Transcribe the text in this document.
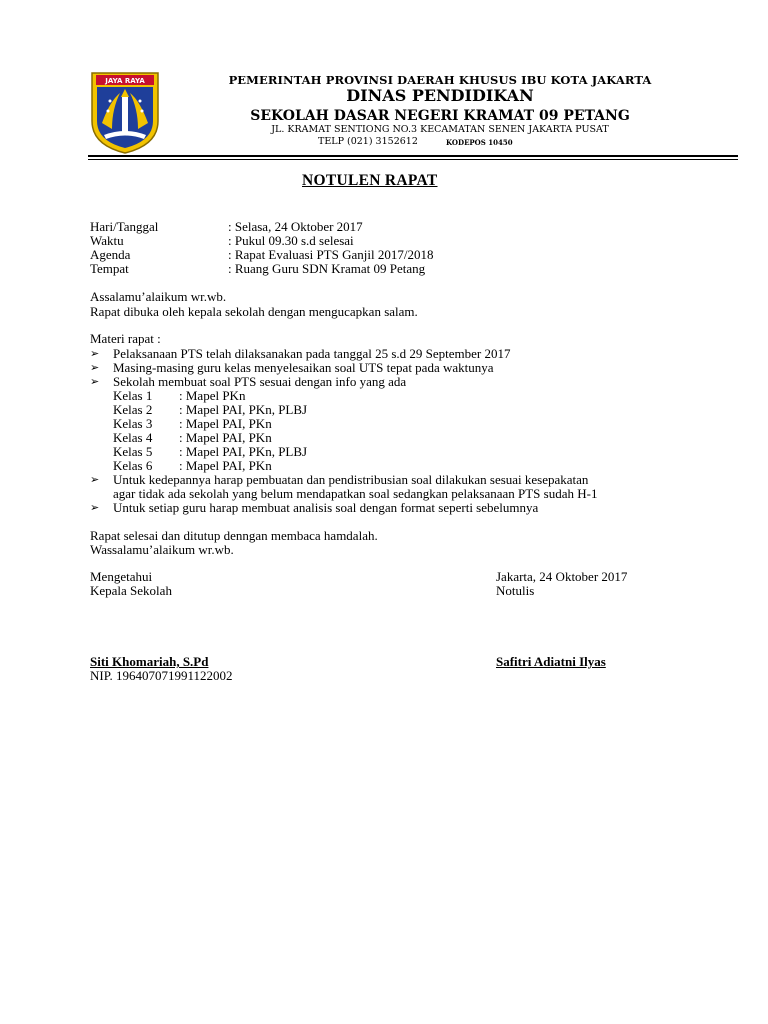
JAYA RAYA	PEMERINTAH PROVINSI DAERAH KHUSUS IBU KOTA JAKARTA
DINAS PENDIDIKAN
SEKOLAH DASAR NEGERI KRAMAT 09 PETANG
JL. KRAMAT SENTIONG NO.3 KECAMATAN SENEN JAKARTA PUSAT
TELP (021) 3152612	KODEPOS 10450
NOTULEN RAPAT
Hari/Tanggal	: Selasa, 24 Oktober 2017
Waktu	: Pukul 09.30 s.d selesai
Agenda	: Rapat Evaluasi PTS Ganjil 2017/2018
Tempat	: Ruang Guru SDN Kramat 09 Petang
Assalamu’alaikum wr.wb.
Rapat dibuka oleh kepala sekolah dengan mengucapkan salam.
Materi rapat :
➢ Pelaksanaan PTS telah dilaksanakan pada tanggal 25 s.d 29 September 2017
➢ Masing-masing guru kelas menyelesaikan soal UTS tepat pada waktunya
➢ Sekolah membuat soal PTS sesuai dengan info yang ada
Kelas 1 : Mapel PKn
Kelas 2 : Mapel PAI, PKn, PLBJ
Kelas 3 : Mapel PAI, PKn
Kelas 4 : Mapel PAI, PKn
Kelas 5 : Mapel PAI, PKn, PLBJ
Kelas 6 : Mapel PAI, PKn
➢ Untuk kedepannya harap pembuatan dan pendistribusian soal dilakukan sesuai kesepakatan
agar tidak ada sekolah yang belum mendapatkan soal sedangkan pelaksanaan PTS sudah H-1
➢ Untuk setiap guru harap membuat analisis soal dengan format seperti sebelumnya
Rapat selesai dan ditutup denngan membaca hamdalah.
Wassalamu’alaikum wr.wb.
Mengetahui
Kepala Sekolah
Jakarta, 24 Oktober 2017
Notulis
Siti Khomariah, S.Pd
NIP. 196407071991122002
Safitri Adiatni Ilyas
